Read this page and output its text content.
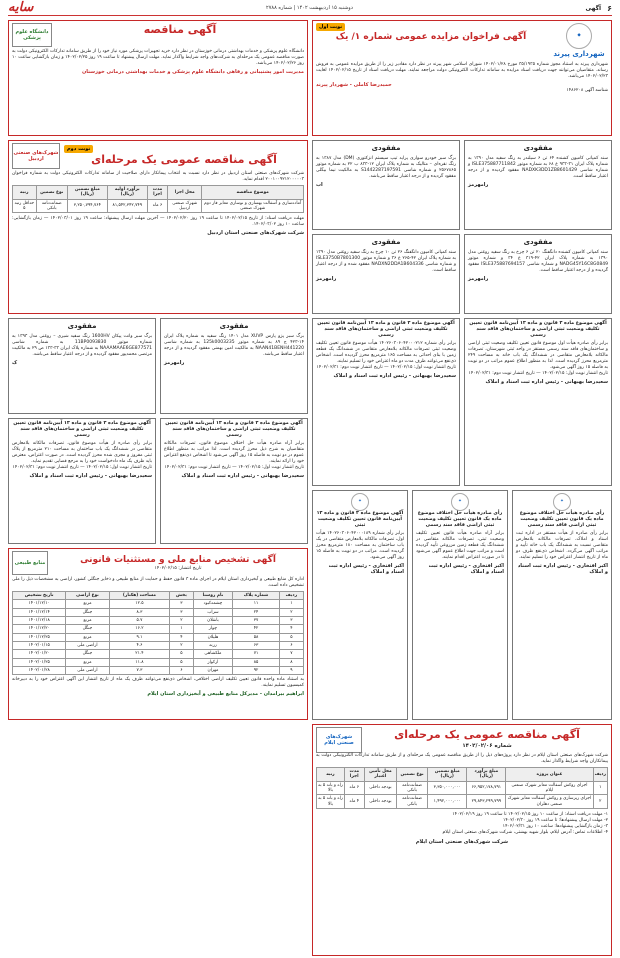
۶
آگهی
دوشنبه ۱۵ اردیبهشت ۱۴۰۲ | شماره ۲۷۸۸
سایه
◆
شهرداری پیرند
نوبت اول
آگهی فراخوان مزایده عمومی شماره ۱/ یک
شهرداری پیرند به استناد مجوز شماره ۳۵/۱۹۳۵ مورخ ۱۴۰۲/۰۱/۲۸ شورای اسلامی شهر پیرند در نظر دارد مقادیر زیر را از طریق مزایده عمومی به فروش رساند. متقاضیان می‌توانند جهت دریافت اسناد مزایده به سامانه تدارکات الکترونیکی دولت مراجعه نمایند. مهلت دریافت اسناد از تاریخ ۱۴۰۲/۰۲/۱۵ لغایت ۱۴۰۲/۰۲/۲۳ می‌باشد.
حمیدرضا کاملی - شهردار پیرند
شناسه آگهی ۱۴۸۶۲۰۸
آگهی مناقصه
دانشگاه علوم پزشکی
دانشگاه علوم پزشکی و خدمات بهداشتی درمانی خوزستان در نظر دارد خرید تجهیزات پزشکی مورد نیاز خود را از طریق سامانه تدارکات الکترونیکی دولت به صورت مناقصه عمومی یک مرحله‌ای به شرکت‌های واجد شرایط واگذار نماید. مهلت ارسال پیشنهاد تا ساعت ۱۹ روز ۱۴۰۲/۰۲/۲۵ و زمان بازگشایی ساعت ۱۰ روز ۱۴۰۲/۰۲/۲۶ می‌باشد.
مدیریت امور پشتیبانی و رفاهی دانشگاه علوم پزشکی و خدمات بهداشتی درمانی خوزستان
مفقودی
سند کمپانی کامیون کشنده ۶۴ تن ۶ سیلندر به رنگ سفید مدل ۱۳۹۰ به شماره پلاک ایران ۳۱-۹۳۳ ع ۶۸ به شماره موتور ISLE375887711842 و شماره شاسی NADXK3DD1ZB8601429 مفقود گردیده و از درجه اعتبار ساقط است.
رامهرمز
مفقودی
برگ سبز خودرو سواری پراید تیپ سیستم انژکتوری (DM) مدل ۱۳۸۷ به رنگ نقره‌ای – متالیک به شماره پلاک ایران ۱۲-۸۳۳ ب ۲۲ به شماره موتور ۲۵۶۷۸۶۵ و شماره شاسی S1442287197591 به مالکیت نیما بیگلی مفقود گردیده و از درجه اعتبار ساقط می‌باشد.
اب
مفقودی
سند کمپانی کامیون کشنده دانگفنگ ۲۰ تن ۶ چرخ به رنگ سفید روغنی مدل ۱۳۹۰ به شماره پلاک ایران ۴۲-۳۱۹ ع ۳۴ و شماره موتور NADG45Y16C8G0849 و شماره شاسی ISLE375887694157 مفقود گردیده و از درجه اعتبار ساقط است.
رامهرمز
مفقودی
سند کمپانی کامیون دانگفنگ ۲۶ تن ۱۰ چرخ به رنگ سفید روغنی مدل ۱۳۹۰ به شماره پلاک ایران ۴۲-۲۶۵ ع ۳۶ و شماره موتور ISLE3750B7801300 و شماره شاسی NADXN2DDA1B604336 مفقود شده و از درجه اعتبار ساقط است.
رامهرمز
نوبت دوم
آگهی مناقصه عمومی یک مرحله‌ای
شهرک‌های صنعتی اردبیل
شرکت شهرک‌های صنعتی استان اردبیل در نظر دارد نسبت به انتخاب پیمانکار دارای صلاحیت از سامانه تدارکات الکترونیکی دولت به شماره فراخوان ۲۰۰۱۰۰۹۲۱۲۰۰۰۰۰۳ اقدام نماید.
موضوع مناقصه	محل اجرا	مدت اجرا	برآورد اولیه (ریال)	مبلغ تضمین (ریال)	نوع تضمین	رتبه
آماده‌سازی و آسفالت بهسازی و نوسازی معابر فاز دوم شهرک صنعتی	شهرک صنعتی اردبیل	۶ ماه	۸۱,۵۴۲,۳۴۲,۷۴۹	۳,۲۵۰,۷۹۴,۷۶۴	ضمانت‌نامه بانکی	حداقل رتبه ۵
مهلت دریافت اسناد: از تاریخ ۱۴۰۲/۰۲/۱۵ تا ساعت ۱۹ روز ۱۴۰۲/۰۲/۲۰ — آخرین مهلت ارسال پیشنهاد: ساعت ۱۹ روز ۱۴۰۲/۰۳/۰۱ — زمان بازگشایی: ساعت ۱۰ روز ۱۴۰۲/۰۳/۰۲.
شرکت شهرک‌های صنعتی استان اردبیل
مفقودی
برگ سبز وانت پیکان 1600HV رنگ سفید شیری – روغنی مدل ۱۳۹۳ به شماره موتور 11BP0093830 به شماره شاسی NAAAMAAE6GE877571 به شماره پلاک ایران ۳۳-۱۳۳ ص ۲۹ به مالکیت مرتضی محمدپور مفقود گردیده و از درجه اعتبار ساقط می‌باشد.
ک
مفقودی
برگ سبز پژو پارس XUVP مدل ۱۴۰۱ رنگ سفید به شماره پلاک ایران ۱۴-۴۲۳ ج ۸۹ به شماره موتور 125k0003235 به شماره شاسی NAAN41BENH441220 به مالکیت امین بهمنی مفقود گردیده و از درجه اعتبار ساقط می‌باشد.
رامهرمز
آگهی موضوع ماده ۳ قانون و ماده ۱۳ آیین‌نامه قانون تعیین تکلیف وضعیت ثبتی اراضی و ساختمان‌های فاقد سند رسمی
برابر رأی صادره هیأت اول موضوع قانون تعیین تکلیف وضعیت ثبتی اراضی و ساختمان‌های فاقد سند رسمی مستقر در واحد ثبتی شهرستان، تصرفات مالکانه بلامعارض متقاضی در ششدانگ یک باب خانه به مساحت ۲۴۹ مترمربع محرز گردیده است. لذا به منظور اطلاع عموم مراتب در دو نوبت به فاصله ۱۵ روز آگهی می‌شود.
تاریخ انتشار نوبت اول: ۱۴۰۲/۰۲/۱۵ — تاریخ انتشار نوبت دوم: ۱۴۰۲/۰۲/۳۱
سعیدرضا بهبهانی - رئیس اداره ثبت اسناد و املاک
آگهی موضوع ماده ۳ قانون و ماده ۱۳ آیین‌نامه قانون تعیین تکلیف وضعیت ثبتی اراضی و ساختمان‌های فاقد سند رسمی
برابر رأی شماره ۱۴۰۲۶۰۳۰۶۰۴۲۰۰۰۲۱۲ هیأت موضوع قانون تعیین تکلیف وضعیت ثبتی تصرفات مالکانه بلامعارض متقاضی در ششدانگ یک قطعه زمین با بنای احداثی به مساحت ۱۶۵ مترمربع محرز گردیده است. اشخاص ذی‌نفع می‌توانند ظرف مدت دو ماه اعتراض خود را تسلیم نمایند.
تاریخ انتشار نوبت اول: ۱۴۰۲/۰۲/۱۵ — تاریخ انتشار نوبت دوم: ۱۴۰۲/۰۲/۳۱
سعیدرضا بهبهانی - رئیس اداره ثبت اسناد و املاک
آگهی موضوع ماده ۳ قانون و ماده ۱۳ آیین‌نامه قانون تعیین تکلیف وضعیت ثبتی اراضی و ساختمان‌های فاقد سند رسمی
برابر رأی صادره از هیأت موضوع قانون، تصرفات مالکانه بلامعارض متقاضی در ششدانگ یک باب ساختمان به مساحت ۲۱۰ مترمربع از پلاک ثبتی مفروز و مجزی شده محرز گردیده است. در صورت اعتراض، معترض باید ظرف یک ماه دادخواست خود را به مرجع قضایی تقدیم نماید.
تاریخ انتشار نوبت اول: ۱۴۰۲/۰۲/۱۵ — تاریخ انتشار نوبت دوم: ۱۴۰۲/۰۲/۳۱
سعیدرضا بهبهانی - رئیس اداره ثبت اسناد و املاک
آگهی موضوع ماده ۳ قانون و ماده ۱۳ آیین‌نامه قانون تعیین تکلیف وضعیت ثبتی اراضی و ساختمان‌های فاقد سند رسمی
برابر آراء صادره هیأت حل اختلاف موضوع قانون، تصرفات مالکانه متقاضیان به شرح ذیل محرز گردیده است. لذا مراتب به منظور اطلاع عموم در دو نوبت به فاصله ۱۵ روز آگهی می‌شود تا اشخاص ذی‌نفع اعتراض خود را ارائه نمایند.
تاریخ انتشار نوبت اول: ۱۴۰۲/۰۲/۱۵ — تاریخ انتشار نوبت دوم: ۱۴۰۲/۰۲/۳۱
سعیدرضا بهبهانی - رئیس اداره ثبت اسناد و املاک
✦
رأی صادره هیأت حل اختلاف موضوع ماده یک قانون تعیین تکلیف وضعیت ثبتی اراضی فاقد سند رسمی
برابر رأی صادره از هیأت مستقر در اداره ثبت اسناد و املاک، تصرفات مالکانه بلامعارض متقاضی نسبت به ششدانگ یک باب خانه تأیید و مراتب آگهی می‌گردد. اشخاص ذی‌نفع ظرف دو ماه از تاریخ انتشار اعتراض خود را تسلیم نمایند.
اکبر افتخاری - رئیس اداره ثبت اسناد و املاک
✦
رأی صادره هیأت حل اختلاف موضوع ماده یک قانون تعیین تکلیف وضعیت ثبتی اراضی فاقد سند رسمی
برابر آراء صادره هیأت قانون تعیین تکلیف وضعیت ثبتی، تصرفات مالکانه متقاضی در ششدانگ یک قطعه زمین مزروعی تأیید گردیده است و مراتب جهت اطلاع عموم آگهی می‌شود تا در صورت اعتراض اقدام نمایند.
اکبر افتخاری - رئیس اداره ثبت اسناد و املاک
✦
آگهی موضوع ماده ۳ قانون و ماده ۱۳ آیین‌نامه قانون تعیین تکلیف وضعیت ثبتی
برابر رأی شماره ۱۴۰۲۶۰۳۰۶۰۴۲۰۰۰۱۸۹ هیأت اول، تصرفات مالکانه بلامعارض متقاضی در یک باب ساختمان به مساحت ۱۸۰ مترمربع محرز گردیده است. مراتب در دو نوبت به فاصله ۱۵ روز آگهی می‌شود.
اکبر افتخاری - رئیس اداره ثبت اسناد و املاک
آگهی تشخیص منابع ملی و مستثنیات قانونی
تاریخ انتشار: ۱۴۰۲/۰۲/۱۵
منابع طبیعی
اداره کل منابع طبیعی و آبخیزداری استان ایلام در اجرای ماده ۳ قانون حفظ و حمایت از منابع طبیعی و ذخایر جنگلی کشور، اراضی به مشخصات ذیل را ملی تشخیص داده است.
ردیف	شماره پلاک	نام روستا	بخش	مساحت (هکتار)	نوع اراضی	تاریخ تشخیص
۱	۱۱	چشمه‌کبود	۳	۱۲.۵	مرتع	۱۴۰۱/۱۲/۱۰
۲	۲۴	سراب	۳	۸.۳	جنگل	۱۴۰۱/۱۲/۱۴
۳	۳۷	بانقلان	۲	۵.۷	مرتع	۱۴۰۱/۱۲/۱۸
۴	۴۲	چوار	۱	۱۶.۲	جنگل	۱۴۰۱/۱۲/۲۰
۵	۵۸	هلیلان	۴	۹.۱	مرتع	۱۴۰۱/۱۲/۲۵
۶	۶۳	زرنه	۲	۴.۶	اراضی ملی	۱۴۰۲/۰۱/۱۵
۷	۷۱	ملکشاهی	۵	۲۱.۴	جنگل	۱۴۰۲/۰۱/۲۰
۸	۸۵	ارکواز	۵	۱۱.۸	مرتع	۱۴۰۲/۰۱/۲۵
۹	۹۲	مهران	۶	۷.۳	اراضی ملی	۱۴۰۲/۰۱/۲۸
به استناد ماده واحده قانون تعیین تکلیف اراضی اختلافی، اشخاص ذی‌نفع می‌توانند ظرف یک ماه از تاریخ انتشار این آگهی اعتراض خود را به دبیرخانه کمیسیون تسلیم نمایند.
ابراهیم بیرامدان - مدیرکل منابع طبیعی و آبخیزداری استان ایلام
آگهی مناقصه عمومی یک مرحله‌ای
شماره ۱۴۰۲/۰۲/۰۶
شهرک‌های صنعتی ایلام
شرکت شهرک‌های صنعتی استان ایلام در نظر دارد پروژه‌های ذیل را از طریق مناقصه عمومی یک مرحله‌ای و از طریق سامانه تدارکات الکترونیکی دولت به پیمانکاران واجد شرایط واگذار نماید.
ردیف	عنوان پروژه	مبلغ برآورد (ریال)	مبلغ تضمین (ریال)	نوع تضمین	محل تأمین اعتبار	مدت اجرا	رتبه
۱	اجرای روکش آسفالت معابر شهرک صنعتی ایلام	۶۶,۹۵۲,۱۷۸,۷۹۱	۳,۳۵۰,۰۰۰,۰۰۰	ضمانت‌نامه بانکی	بودجه داخلی	۶ ماه	راه و باند ۵ به بالا
۲	اجرای زیرسازی و روکش آسفالت معابر شهرک صنعتی دهلران	۲۹,۸۴۳,۲۹۹,۷۹۹	۱,۴۹۲,۰۰۰,۰۰۰	ضمانت‌نامه بانکی	بودجه داخلی	۴ ماه	راه و باند ۵ به بالا
۱- مهلت دریافت اسناد: از ساعت ۱۰ روز ۱۴۰۲/۰۲/۱۵ تا ساعت ۱۹ روز ۱۴۰۲/۰۲/۱۹
۲- مهلت ارسال پیشنهادها: تا ساعت ۱۹ روز ۱۴۰۲/۰۲/۳۰
۳- زمان بازگشایی پیشنهادها: ساعت ۱۰ روز ۱۴۰۲/۰۲/۳۱
۴- اطلاعات تماس: آدرس ایلام، بلوار شهید بهشتی، شرکت شهرک‌های صنعتی استان ایلام
شرکت شهرک‌های صنعتی استان ایلام
